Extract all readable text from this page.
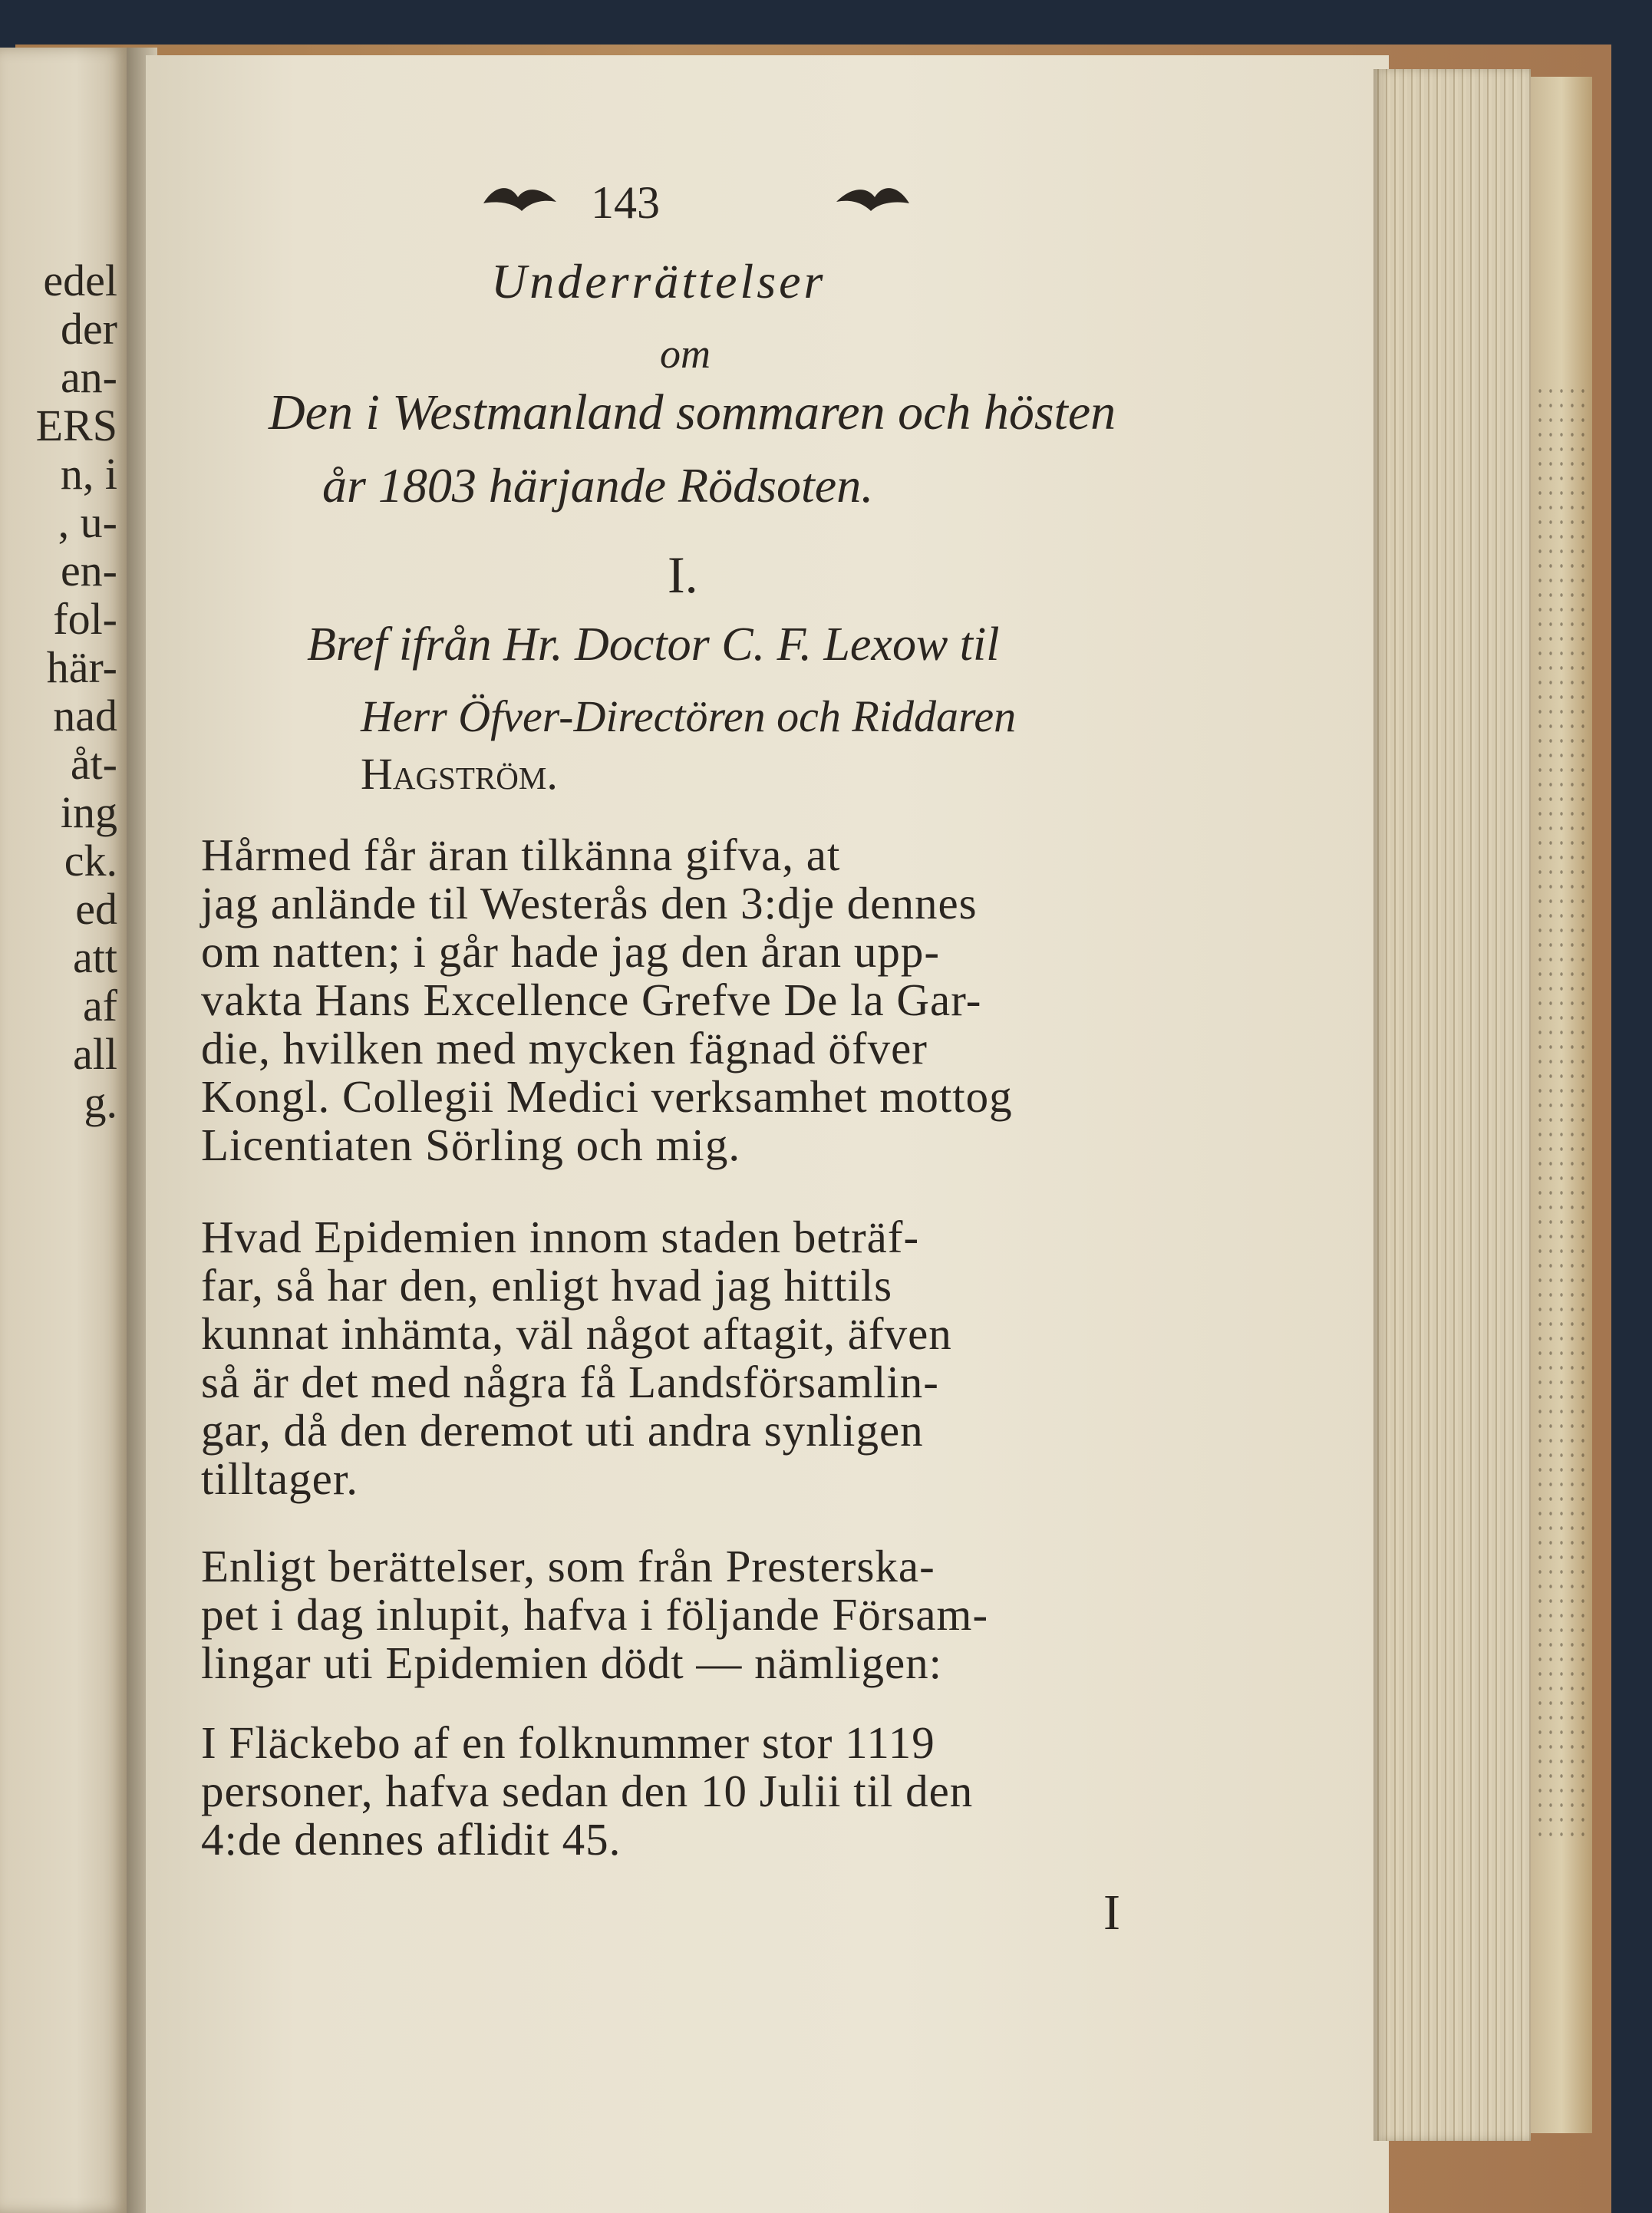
edel
der
an-
ERS
n, i
, u-
en-
fol-
här-
nad
åt-
ing
ck.
ed
att
af
all
g.
143
Underrättelser
om
Den i Westmanland sommaren och hösten
år 1803 härjande Rödsoten.
I.
Bref ifrån Hr. Doctor C. F. Lexow til
Herr Öfver-Directören och Riddaren
Hagström.
Hårmed får äran tilkänna gifva, at
jag anlände til Westerås den 3:dje dennes
om natten; i går hade jag den åran upp-
vakta Hans Excellence Grefve De la Gar-
die, hvilken med mycken fägnad öfver
Kongl. Collegii Medici verksamhet mottog
Licentiaten Sörling och mig.
Hvad Epidemien innom staden beträf-
far, så har den, enligt hvad jag hittils
kunnat inhämta, väl något aftagit, äfven
så är det med några få Landsförsamlin-
gar, då den deremot uti andra synligen
tilltager.
Enligt berättelser, som från Presterska-
pet i dag inlupit, hafva i följande Försam-
lingar uti Epidemien dödt — nämligen:
I Fläckebo af en folknummer stor 1119
personer, hafva sedan den 10 Julii til den
4:de dennes aflidit 45.
I
